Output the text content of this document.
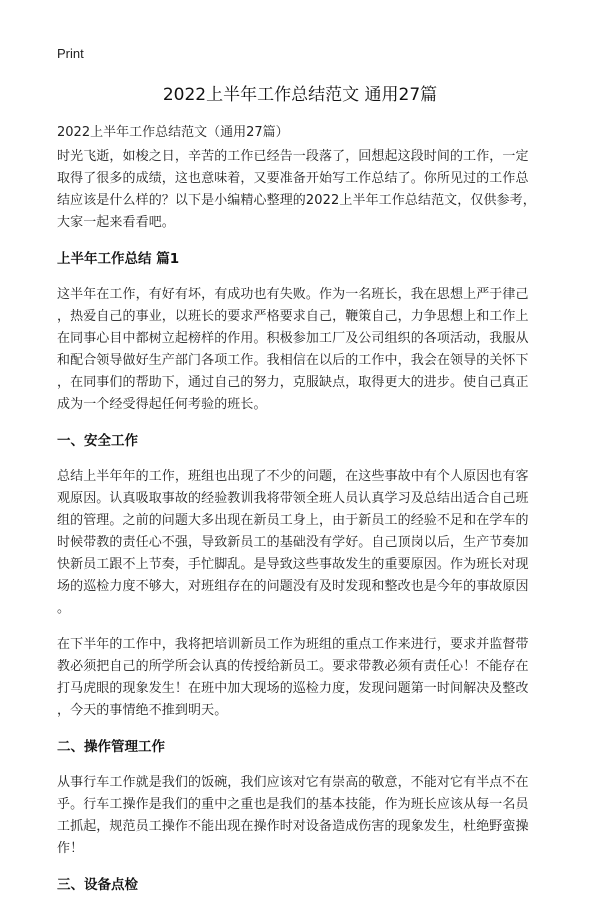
Print
2022上半年工作总结范文 通用27篇

2022上半年工作总结范文（通用27篇）

时光飞逝，如梭之日，辛苦的工作已经告一段落了，回想起这段时间的工作，一定
取得了很多的成绩，这也意味着，又要准备开始写工作总结了。你所见过的工作总
结应该是什么样的？以下是小编精心整理的2022上半年工作总结范文，仅供参考，
大家一起来看看吧。

上半年工作总结 篇1

这半年在工作，有好有坏，有成功也有失败。作为一名班长，我在思想上严于律己
，热爱自己的事业，以班长的要求严格要求自己，鞭策自己，力争思想上和工作上
在同事心目中都树立起榜样的作用。积极参加工厂及公司组织的各项活动，我服从
和配合领导做好生产部门各项工作。我相信在以后的工作中，我会在领导的关怀下
，在同事们的帮助下，通过自己的努力，克服缺点，取得更大的进步。使自己真正
成为一个经受得起任何考验的班长。

一、安全工作

总结上半年年的工作，班组也出现了不少的问题，在这些事故中有个人原因也有客
观原因。认真吸取事故的经验教训我将带领全班人员认真学习及总结出适合自己班
组的管理。之前的问题大多出现在新员工身上，由于新员工的经验不足和在学车的
时候带教的责任心不强，导致新员工的基础没有学好。自己顶岗以后，生产节奏加
快新员工跟不上节奏，手忙脚乱。是导致这些事故发生的重要原因。作为班长对现
场的巡检力度不够大，对班组存在的问题没有及时发现和整改也是今年的事故原因
。

在下半年的工作中，我将把培训新员工作为班组的重点工作来进行，要求并监督带
教必须把自己的所学所会认真的传授给新员工。要求带教必须有责任心！不能存在
打马虎眼的现象发生！在班中加大现场的巡检力度，发现问题第一时间解决及整改
，今天的事情绝不推到明天。

二、操作管理工作

从事行车工作就是我们的饭碗，我们应该对它有崇高的敬意，不能对它有半点不在
乎。行车工操作是我们的重中之重也是我们的基本技能，作为班长应该从每一名员
工抓起，规范员工操作不能出现在操作时对设备造成伤害的现象发生，杜绝野蛮操
作！

三、设备点检
